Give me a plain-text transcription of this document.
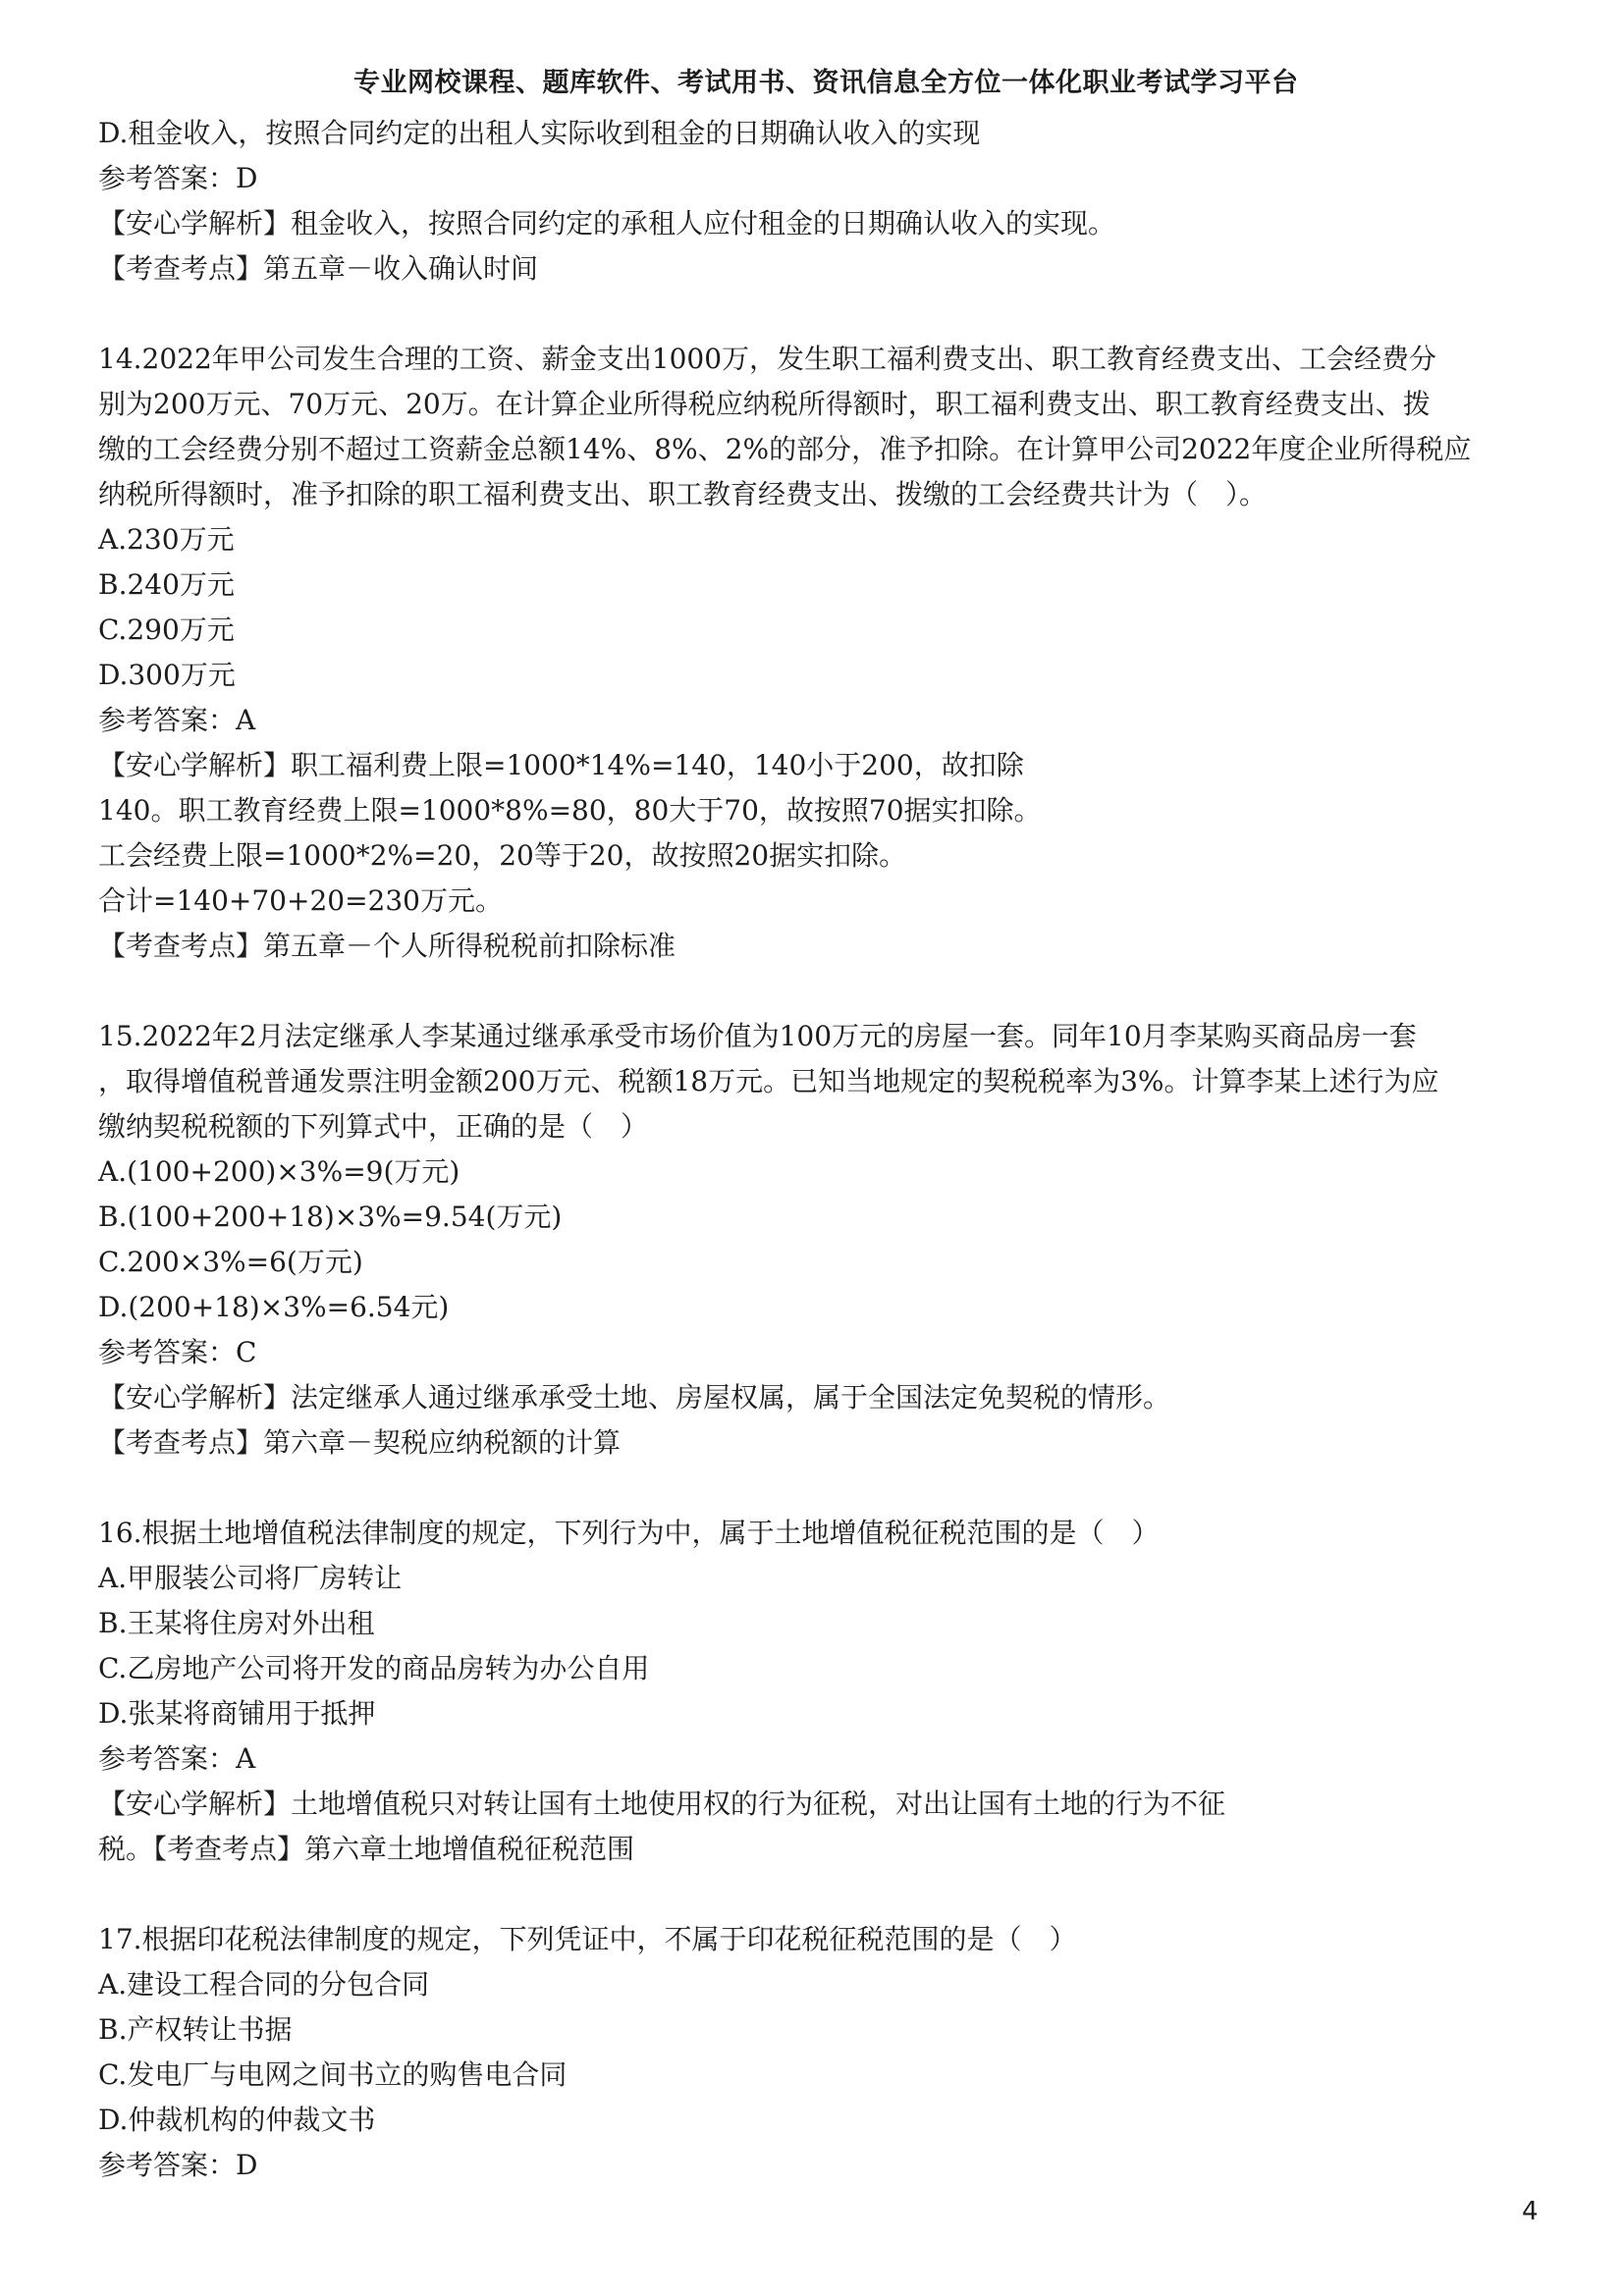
专业网校课程、题库软件、考试用书、资讯信息全方位一体化职业考试学习平台
D.租金收入，按照合同约定的出租人实际收到租金的日期确认收入的实现
参考答案：D
【安心学解析】租金收入，按照合同约定的承租人应付租金的日期确认收入的实现。
【考查考点】第五章－收入确认时间
14.2022年甲公司发生合理的工资、薪金支出1000万，发生职工福利费支出、职工教育经费支出、工会经费分
别为200万元、70万元、20万。在计算企业所得税应纳税所得额时，职工福利费支出、职工教育经费支出、拨
缴的工会经费分别不超过工资薪金总额14%、8%、2%的部分，准予扣除。在计算甲公司2022年度企业所得税应
纳税所得额时，准予扣除的职工福利费支出、职工教育经费支出、拨缴的工会经费共计为（　）。
A.230万元
B.240万元
C.290万元
D.300万元
参考答案：A
【安心学解析】职工福利费上限=1000*14%=140，140小于200，故扣除
140。职工教育经费上限=1000*8%=80，80大于70，故按照70据实扣除。
工会经费上限=1000*2%=20，20等于20，故按照20据实扣除。
合计=140+70+20=230万元。
【考查考点】第五章－个人所得税税前扣除标准
15.2022年2月法定继承人李某通过继承承受市场价值为100万元的房屋一套。同年10月李某购买商品房一套
，取得增值税普通发票注明金额200万元、税额18万元。已知当地规定的契税税率为3%。计算李某上述行为应
缴纳契税税额的下列算式中，正确的是（　）
A.(100+200)×3%=9(万元)
B.(100+200+18)×3%=9.54(万元)
C.200×3%=6(万元)
D.(200+18)×3%=6.54元)
参考答案：C
【安心学解析】法定继承人通过继承承受土地、房屋权属，属于全国法定免契税的情形。
【考查考点】第六章－契税应纳税额的计算
16.根据土地增值税法律制度的规定，下列行为中，属于土地增值税征税范围的是（　）
A.甲服装公司将厂房转让
B.王某将住房对外出租
C.乙房地产公司将开发的商品房转为办公自用
D.张某将商铺用于抵押
参考答案：A
【安心学解析】土地增值税只对转让国有土地使用权的行为征税，对出让国有土地的行为不征
税。【考查考点】第六章土地增值税征税范围
17.根据印花税法律制度的规定，下列凭证中，不属于印花税征税范围的是（　）
A.建设工程合同的分包合同
B.产权转让书据
C.发电厂与电网之间书立的购售电合同
D.仲裁机构的仲裁文书
参考答案：D
4
